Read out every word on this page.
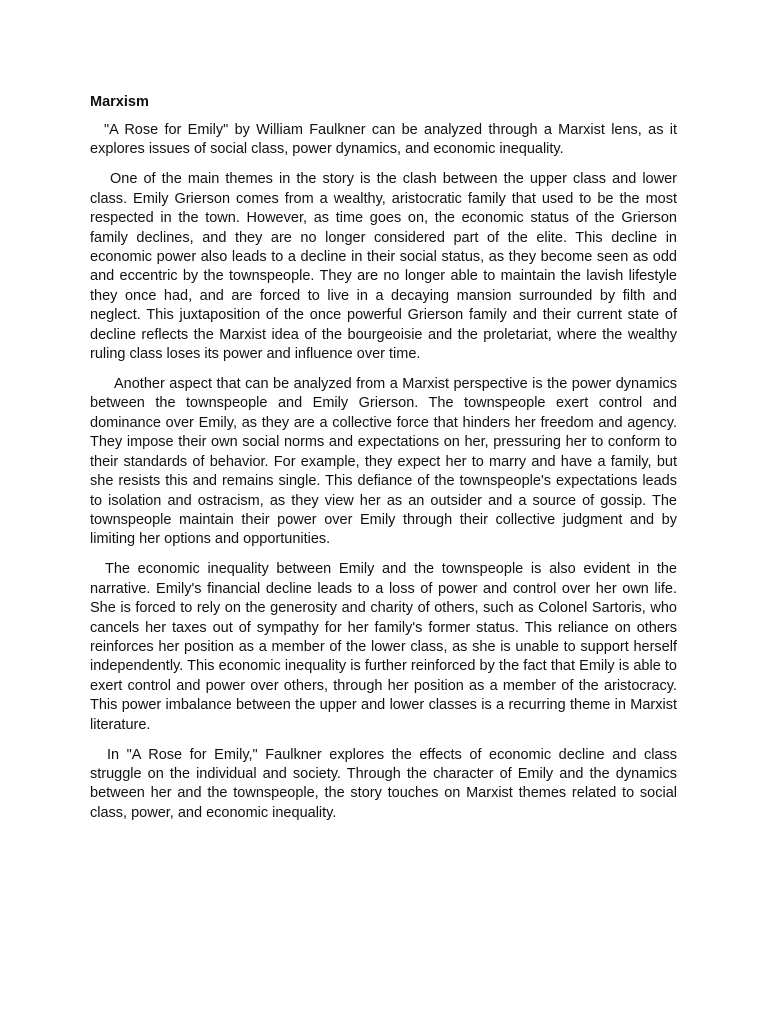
Marxism

"A Rose for Emily" by William Faulkner can be analyzed through a Marxist lens, as it explores issues of social class, power dynamics, and economic inequality.

One of the main themes in the story is the clash between the upper class and lower class. Emily Grierson comes from a wealthy, aristocratic family that used to be the most respected in the town. However, as time goes on, the economic status of the Grierson family declines, and they are no longer considered part of the elite. This decline in economic power also leads to a decline in their social status, as they become seen as odd and eccentric by the townspeople. They are no longer able to maintain the lavish lifestyle they once had, and are forced to live in a decaying mansion surrounded by filth and neglect. This juxtaposition of the once powerful Grierson family and their current state of decline reflects the Marxist idea of the bourgeoisie and the proletariat, where the wealthy ruling class loses its power and influence over time.

Another aspect that can be analyzed from a Marxist perspective is the power dynamics between the townspeople and Emily Grierson. The townspeople exert control and dominance over Emily, as they are a collective force that hinders her freedom and agency. They impose their own social norms and expectations on her, pressuring her to conform to their standards of behavior. For example, they expect her to marry and have a family, but she resists this and remains single. This defiance of the townspeople's expectations leads to isolation and ostracism, as they view her as an outsider and a source of gossip. The townspeople maintain their power over Emily through their collective judgment and by limiting her options and opportunities.

The economic inequality between Emily and the townspeople is also evident in the narrative. Emily's financial decline leads to a loss of power and control over her own life. She is forced to rely on the generosity and charity of others, such as Colonel Sartoris, who cancels her taxes out of sympathy for her family's former status. This reliance on others reinforces her position as a member of the lower class, as she is unable to support herself independently. This economic inequality is further reinforced by the fact that Emily is able to exert control and power over others, through her position as a member of the aristocracy. This power imbalance between the upper and lower classes is a recurring theme in Marxist literature.

In "A Rose for Emily," Faulkner explores the effects of economic decline and class struggle on the individual and society. Through the character of Emily and the dynamics between her and the townspeople, the story touches on Marxist themes related to social class, power, and economic inequality.
